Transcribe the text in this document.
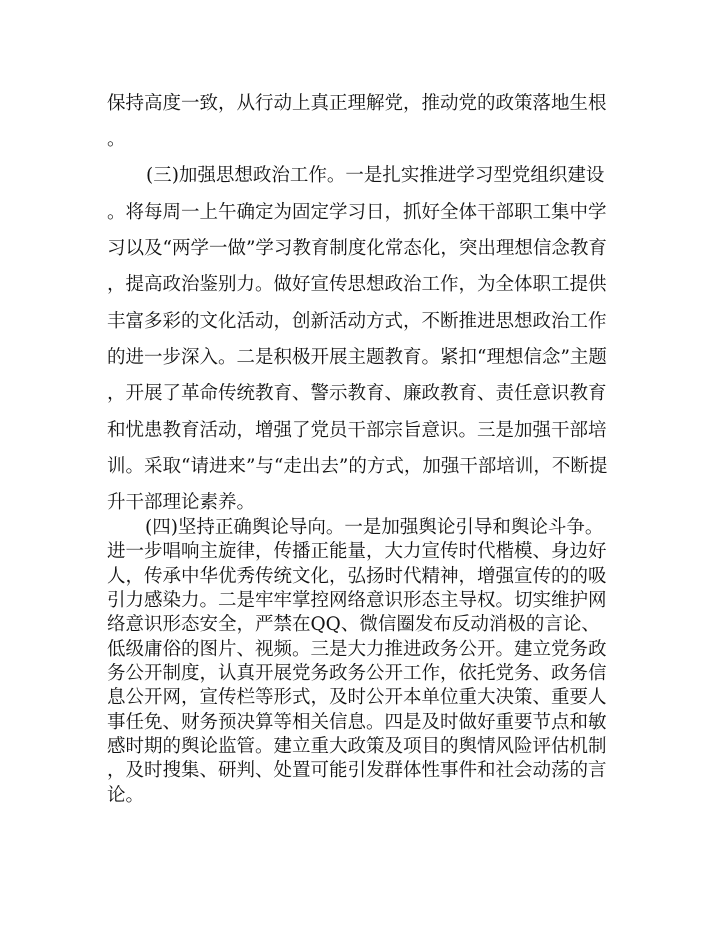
保持高度一致，从行动上真正理解党，推动党的政策落地生根
。
(三)加强思想政治工作。一是扎实推进学习型党组织建设
。将每周一上午确定为固定学习日，抓好全体干部职工集中学
习以及“两学一做”学习教育制度化常态化，突出理想信念教育
，提高政治鉴别力。做好宣传思想政治工作，为全体职工提供
丰富多彩的文化活动，创新活动方式，不断推进思想政治工作
的进一步深入。二是积极开展主题教育。紧扣“理想信念”主题
，开展了革命传统教育、警示教育、廉政教育、责任意识教育
和忧患教育活动，增强了党员干部宗旨意识。三是加强干部培
训。采取“请进来”与“走出去”的方式，加强干部培训，不断提
升干部理论素养。
(四)坚持正确舆论导向。一是加强舆论引导和舆论斗争。
进一步唱响主旋律，传播正能量，大力宣传时代楷模、身边好
人，传承中华优秀传统文化，弘扬时代精神，增强宣传的的吸
引力感染力。二是牢牢掌控网络意识形态主导权。切实维护网
络意识形态安全，严禁在QQ、微信圈发布反动消极的言论、
低级庸俗的图片、视频。三是大力推进政务公开。建立党务政
务公开制度，认真开展党务政务公开工作，依托党务、政务信
息公开网，宣传栏等形式，及时公开本单位重大决策、重要人
事任免、财务预决算等相关信息。四是及时做好重要节点和敏
感时期的舆论监管。建立重大政策及项目的舆情风险评估机制
，及时搜集、研判、处置可能引发群体性事件和社会动荡的言
论。
